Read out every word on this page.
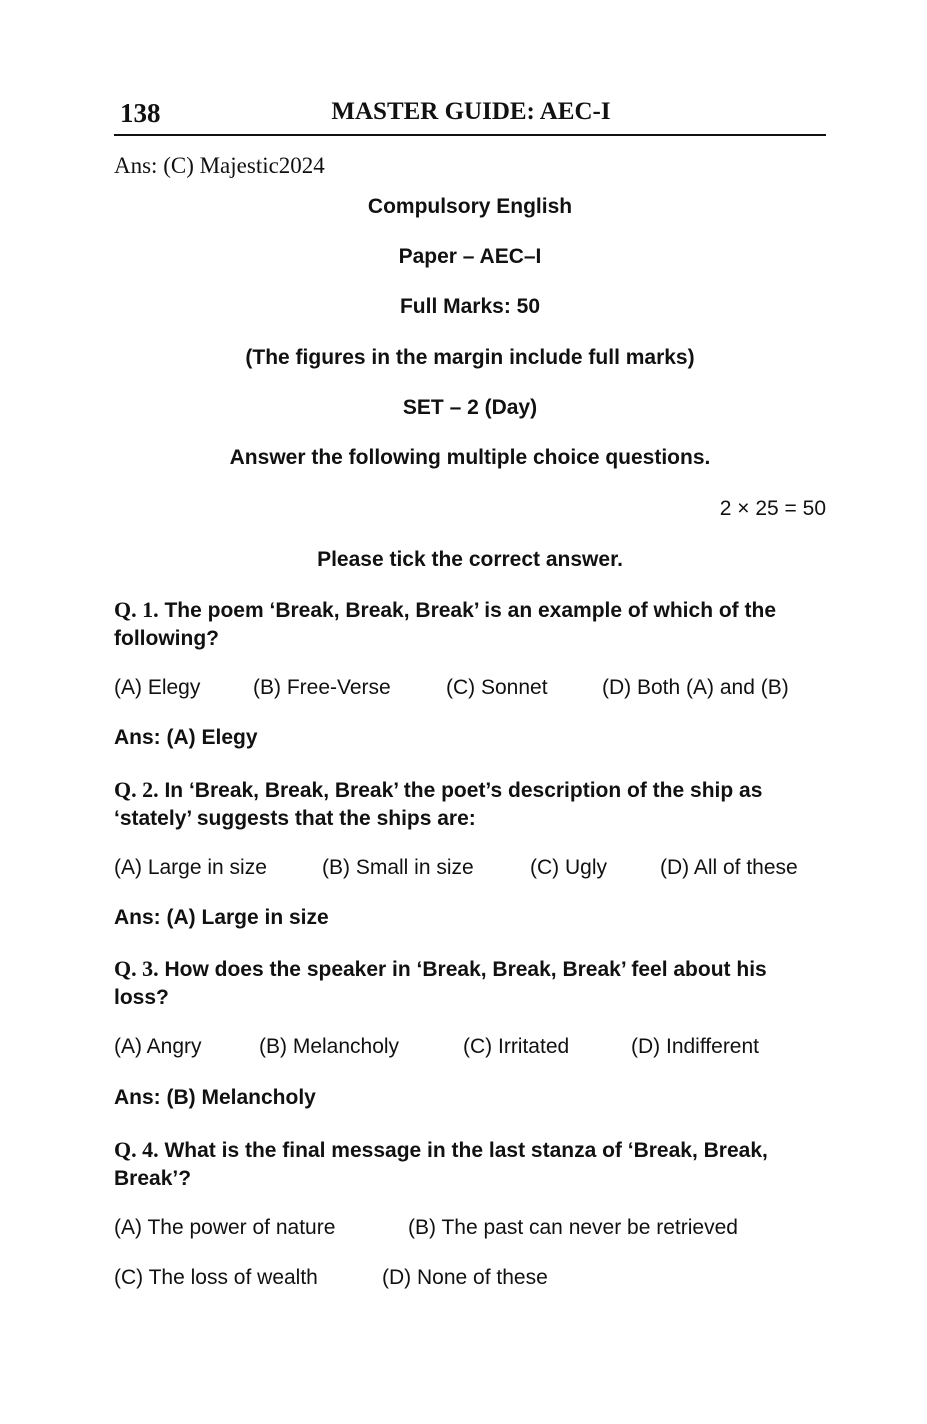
138	MASTER GUIDE: AEC-I
Ans: (C) Majestic2024
Compulsory English
Paper – AEC–I
Full Marks: 50
(The figures in the margin include full marks)
SET – 2 (Day)
Answer the following multiple choice questions.
2 × 25 = 50
Please tick the correct answer.
Q. 1. The poem ‘Break, Break, Break’ is an example of which of the following?
(A) Elegy	(B) Free-Verse	(C) Sonnet	(D) Both (A) and (B)
Ans: (A) Elegy
Q. 2. In ‘Break, Break, Break’ the poet’s description of the ship as ‘stately’ suggests that the ships are:
(A) Large in size	(B) Small in size	(C) Ugly	(D) All of these
Ans: (A) Large in size
Q. 3. How does the speaker in ‘Break, Break, Break’ feel about his loss?
(A) Angry	(B) Melancholy	(C) Irritated	(D) Indifferent
Ans: (B) Melancholy
Q. 4. What is the final message in the last stanza of ‘Break, Break, Break’?
(A) The power of nature	(B) The past can never be retrieved
(C) The loss of wealth	(D) None of these
